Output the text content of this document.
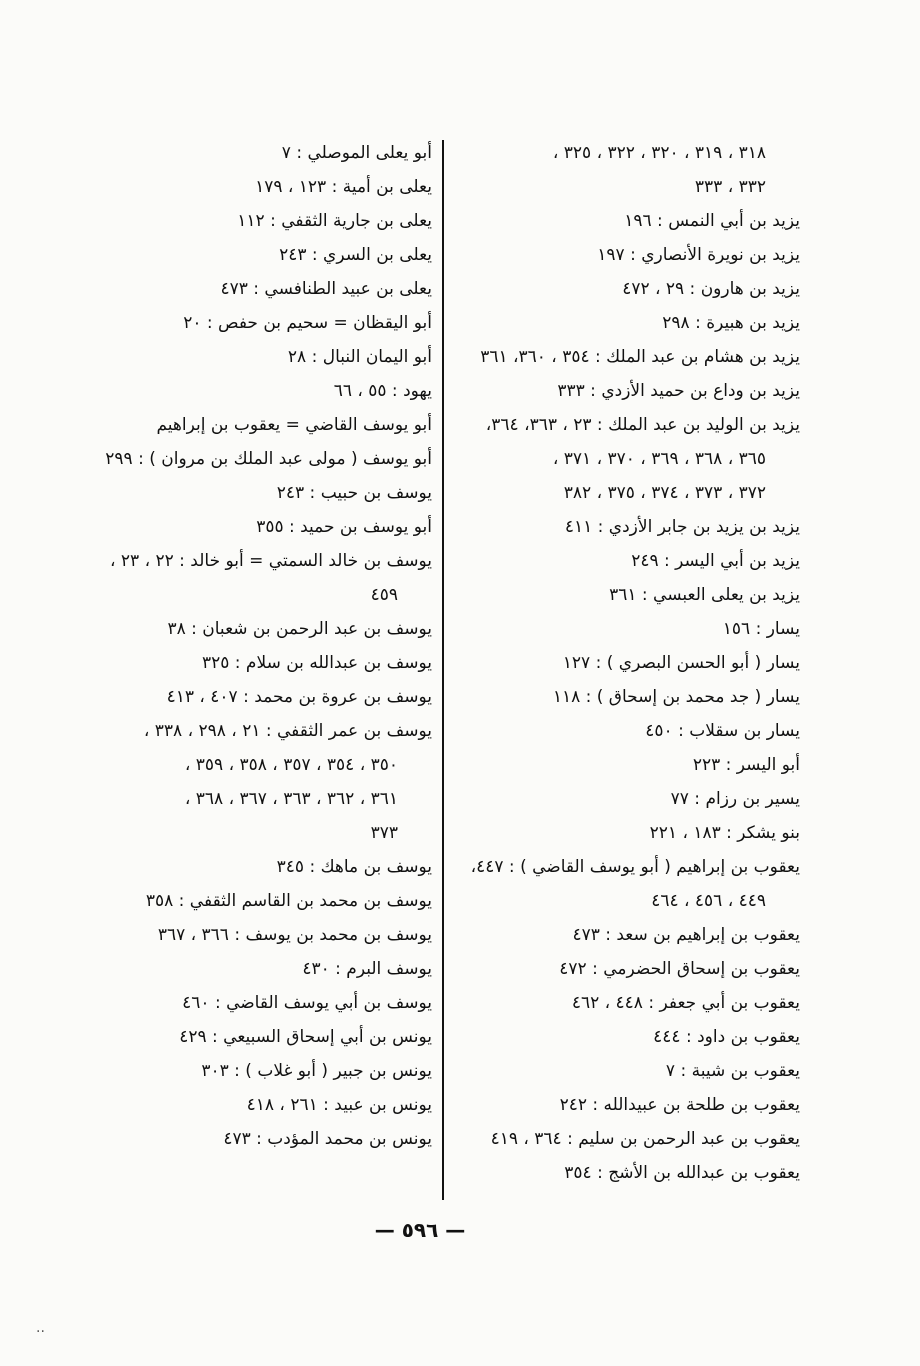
٣١٨ ، ٣١٩ ، ٣٢٠ ، ٣٢٢ ، ٣٢٥ ،
٣٣٢ ، ٣٣٣
يزيد بن أبي النمس : ١٩٦
يزيد بن نويرة الأنصاري : ١٩٧
يزيد بن هارون : ٢٩ ، ٤٧٢
يزيد بن هبيرة : ٢٩٨
يزيد بن هشام بن عبد الملك : ٣٥٤ ، ٣٦٠، ٣٦١
يزيد بن وداع بن حميد الأزدي : ٣٣٣
يزيد بن الوليد بن عبد الملك : ٢٣ ، ٣٦٣، ٣٦٤،
٣٦٥ ، ٣٦٨ ، ٣٦٩ ، ٣٧٠ ، ٣٧١ ،
٣٧٢ ، ٣٧٣ ، ٣٧٤ ، ٣٧٥ ، ٣٨٢
يزيد بن يزيد بن جابر الأزدي : ٤١١
يزيد بن أبي اليسر : ٢٤٩
يزيد بن يعلى العبسي : ٣٦١
يسار : ١٥٦
يسار ( أبو الحسن البصري ) : ١٢٧
يسار ( جد محمد بن إسحاق ) : ١١٨
يسار بن سقلاب : ٤٥٠
أبو اليسر : ٢٢٣
يسير بن رزام : ٧٧
بنو يشكر : ١٨٣ ، ٢٢١
يعقوب بن إبراهيم ( أبو يوسف القاضي ) : ٤٤٧،
٤٤٩ ، ٤٥٦ ، ٤٦٤
يعقوب بن إبراهيم بن سعد : ٤٧٣
يعقوب بن إسحاق الحضرمي : ٤٧٢
يعقوب بن أبي جعفر : ٤٤٨ ، ٤٦٢
يعقوب بن داود : ٤٤٤
يعقوب بن شيبة : ٧
يعقوب بن طلحة بن عبيدالله : ٢٤٢
يعقوب بن عبد الرحمن بن سليم : ٣٦٤ ، ٤١٩
يعقوب بن عبدالله بن الأشج : ٣٥٤
أبو يعلى الموصلي : ٧
يعلى بن أمية : ١٢٣ ، ١٧٩
يعلى بن جارية الثقفي : ١١٢
يعلى بن السري : ٢٤٣
يعلى بن عبيد الطنافسي : ٤٧٣
أبو اليقظان = سحيم بن حفص : ٢٠
أبو اليمان النبال : ٢٨
يهود : ٥٥ ، ٦٦
أبو يوسف القاضي = يعقوب بن إبراهيم
أبو يوسف ( مولى عبد الملك بن مروان ) : ٢٩٩
يوسف بن حبيب : ٢٤٣
أبو يوسف بن حميد : ٣٥٥
يوسف بن خالد السمتي = أبو خالد : ٢٢ ، ٢٣ ،
٤٥٩
يوسف بن عبد الرحمن بن شعبان : ٣٨
يوسف بن عبدالله بن سلام : ٣٢٥
يوسف بن عروة بن محمد : ٤٠٧ ، ٤١٣
يوسف بن عمر الثقفي : ٢١ ، ٢٩٨ ، ٣٣٨ ،
٣٥٠ ، ٣٥٤ ، ٣٥٧ ، ٣٥٨ ، ٣٥٩ ،
٣٦١ ، ٣٦٢ ، ٣٦٣ ، ٣٦٧ ، ٣٦٨ ،
٣٧٣
يوسف بن ماهك : ٣٤٥
يوسف بن محمد بن القاسم الثقفي : ٣٥٨
يوسف بن محمد بن يوسف : ٣٦٦ ، ٣٦٧
يوسف البرم : ٤٣٠
يوسف بن أبي يوسف القاضي : ٤٦٠
يونس بن أبي إسحاق السبيعي : ٤٢٩
يونس بن جبير ( أبو غلاب ) : ٣٠٣
يونس بن عبيد : ٢٦١ ، ٤١٨
يونس بن محمد المؤدب : ٤٧٣
— ٥٩٦ —
··
